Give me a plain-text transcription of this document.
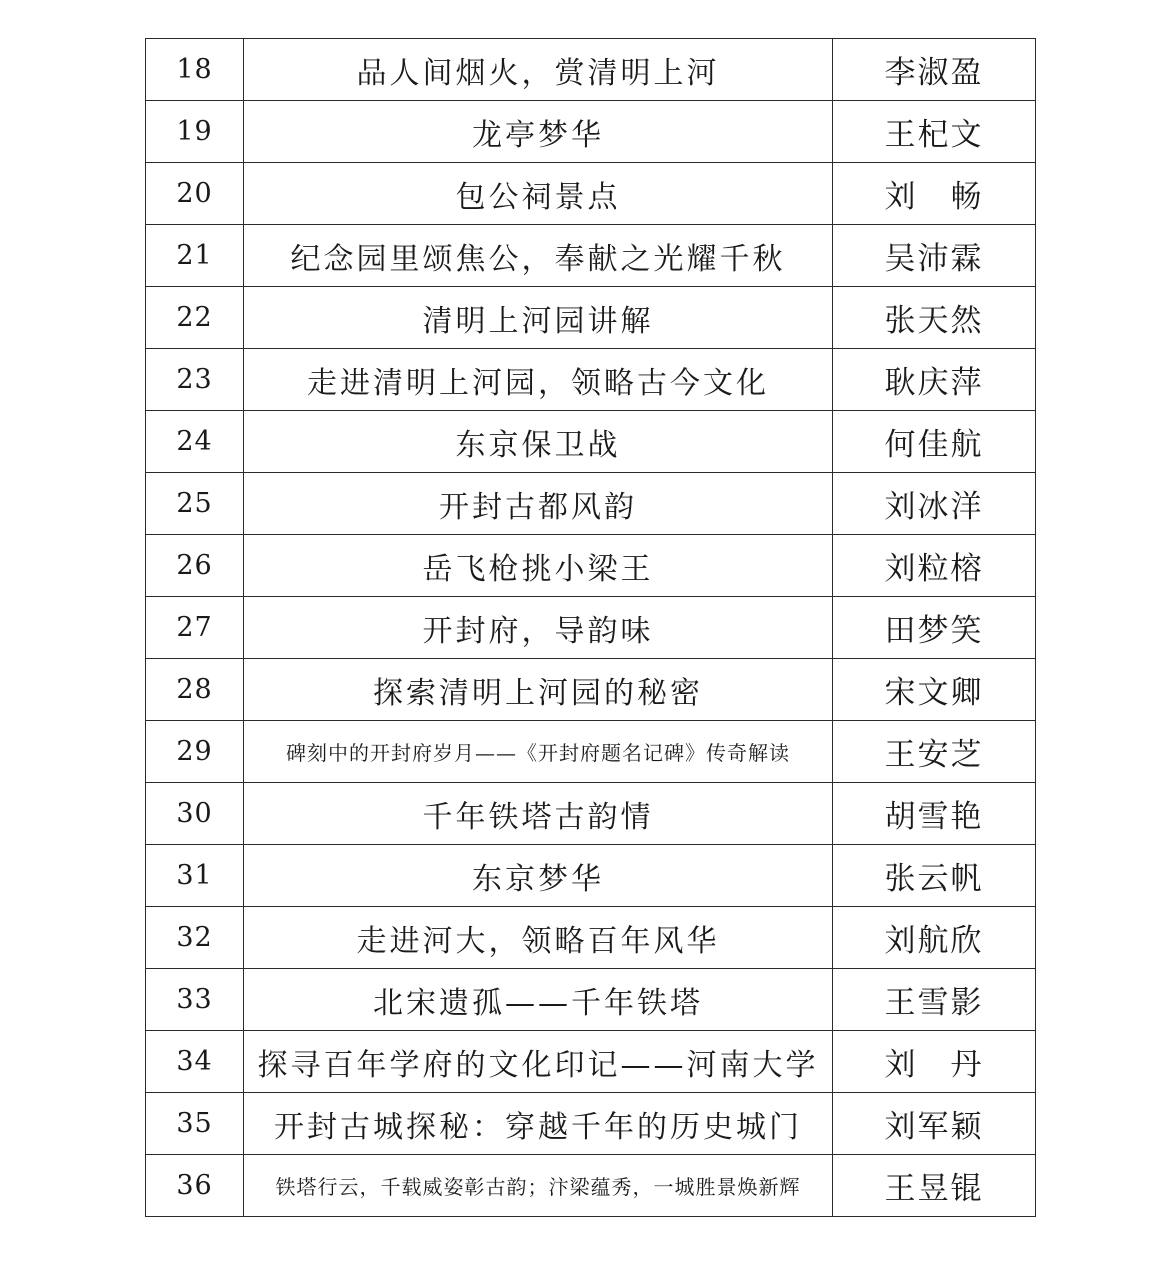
18	品人间烟火，赏清明上河	李淑盈
19	龙亭梦华	王杞文
20	包公祠景点	刘　畅
21	纪念园里颂焦公，奉献之光耀千秋	吴沛霖
22	清明上河园讲解	张天然
23	走进清明上河园，领略古今文化	耿庆萍
24	东京保卫战	何佳航
25	开封古都风韵	刘冰洋
26	岳飞枪挑小梁王	刘粒榕
27	开封府，导韵味	田梦笑
28	探索清明上河园的秘密	宋文卿
29	碑刻中的开封府岁月——《开封府题名记碑》传奇解读	王安芝
30	千年铁塔古韵情	胡雪艳
31	东京梦华	张云帆
32	走进河大，领略百年风华	刘航欣
33	北宋遗孤——千年铁塔	王雪影
34	探寻百年学府的文化印记——河南大学	刘　丹
35	开封古城探秘：穿越千年的历史城门	刘军颖
36	铁塔行云，千载威姿彰古韵；汴梁蕴秀，一城胜景焕新辉	王昱锟
